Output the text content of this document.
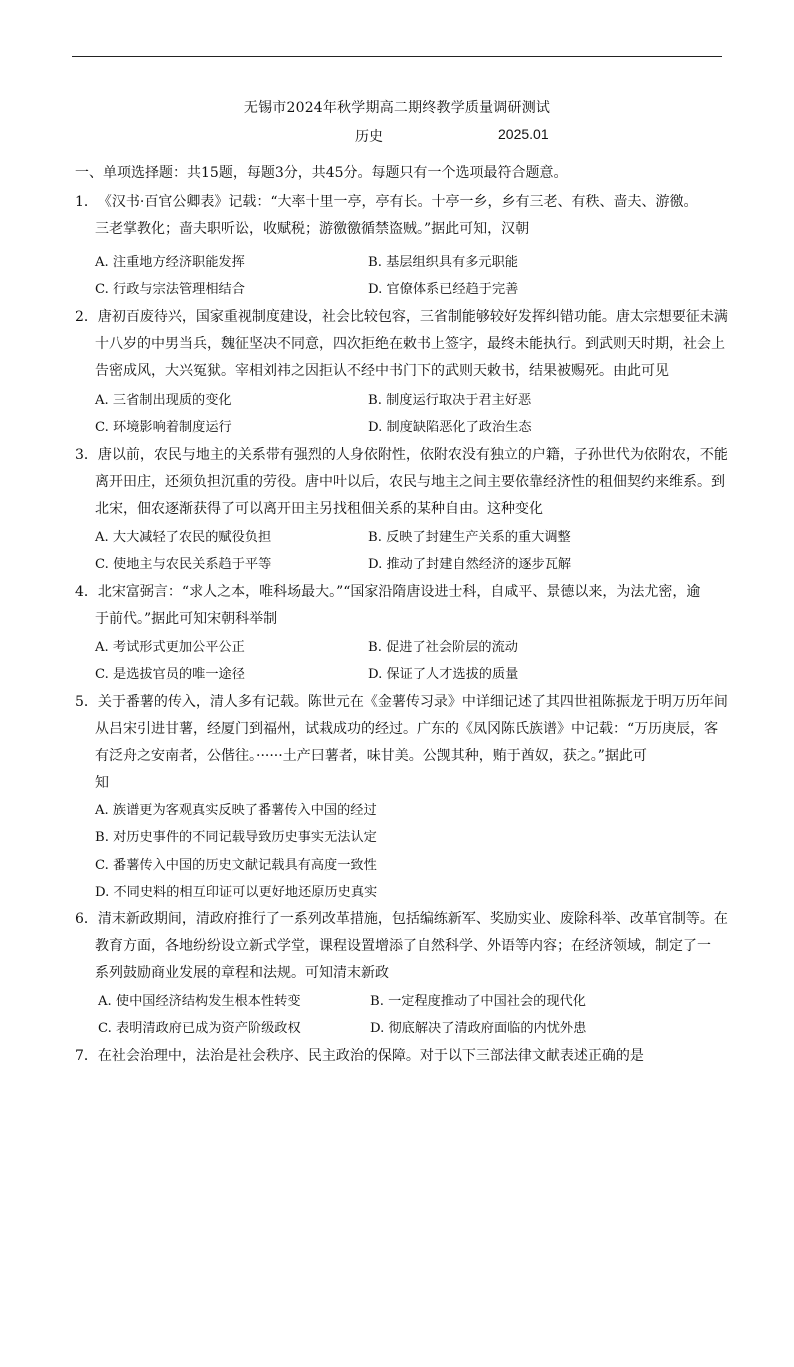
无锡市2024年秋学期高二期终教学质量调研测试
历史	2025.01
一、单项选择题：共15题，每题3分，共45分。每题只有一个选项最符合题意。
1．《汉书·百官公卿表》记载：“大率十里一亭，亭有长。十亭一乡，乡有三老、有秩、啬夫、游徼。
三老掌教化；啬夫职听讼，收赋税；游徼徼循禁盗贼。”据此可知，汉朝
A. 注重地方经济职能发挥	B. 基层组织具有多元职能
C. 行政与宗法管理相结合	D. 官僚体系已经趋于完善
2．唐初百废待兴，国家重视制度建设，社会比较包容，三省制能够较好发挥纠错功能。唐太宗想要征未满
十八岁的中男当兵，魏征坚决不同意，四次拒绝在敕书上签字，最终未能执行。到武则天时期，社会上
告密成风，大兴冤狱。宰相刘祎之因拒认不经中书门下的武则天敕书，结果被赐死。由此可见
A. 三省制出现质的变化	B. 制度运行取决于君主好恶
C. 环境影响着制度运行	D. 制度缺陷恶化了政治生态
3．唐以前，农民与地主的关系带有强烈的人身依附性，依附农没有独立的户籍，子孙世代为依附农，不能
离开田庄，还须负担沉重的劳役。唐中叶以后，农民与地主之间主要依靠经济性的租佃契约来维系。到
北宋，佃农逐渐获得了可以离开田主另找租佃关系的某种自由。这种变化
A. 大大减轻了农民的赋役负担	B. 反映了封建生产关系的重大调整
C. 使地主与农民关系趋于平等	D. 推动了封建自然经济的逐步瓦解
4．北宋富弼言：“求人之本，唯科场最大。”“国家沿隋唐设进士科，自咸平、景德以来，为法尤密，逾
于前代。”据此可知宋朝科举制
A. 考试形式更加公平公正	B. 促进了社会阶层的流动
C. 是选拔官员的唯一途径	D. 保证了人才选拔的质量
5．关于番薯的传入，清人多有记载。陈世元在《金薯传习录》中详细记述了其四世祖陈振龙于明万历年间
从吕宋引进甘薯，经厦门到福州，试栽成功的经过。广东的《凤冈陈氏族谱》中记载：“万历庚辰，客
有泛舟之安南者，公偕往。······土产曰薯者，味甘美。公觊其种，贿于酋奴，获之。”据此可
知
A. 族谱更为客观真实反映了番薯传入中国的经过
B. 对历史事件的不同记载导致历史事实无法认定
C. 番薯传入中国的历史文献记载具有高度一致性
D. 不同史料的相互印证可以更好地还原历史真实
6．清末新政期间，清政府推行了一系列改革措施，包括编练新军、奖励实业、废除科举、改革官制等。在
教育方面，各地纷纷设立新式学堂，课程设置增添了自然科学、外语等内容；在经济领域，制定了一
系列鼓励商业发展的章程和法规。可知清末新政
A. 使中国经济结构发生根本性转变	B. 一定程度推动了中国社会的现代化
C. 表明清政府已成为资产阶级政权	D. 彻底解决了清政府面临的内忧外患
7．在社会治理中，法治是社会秩序、民主政治的保障。对于以下三部法律文献表述正确的是
